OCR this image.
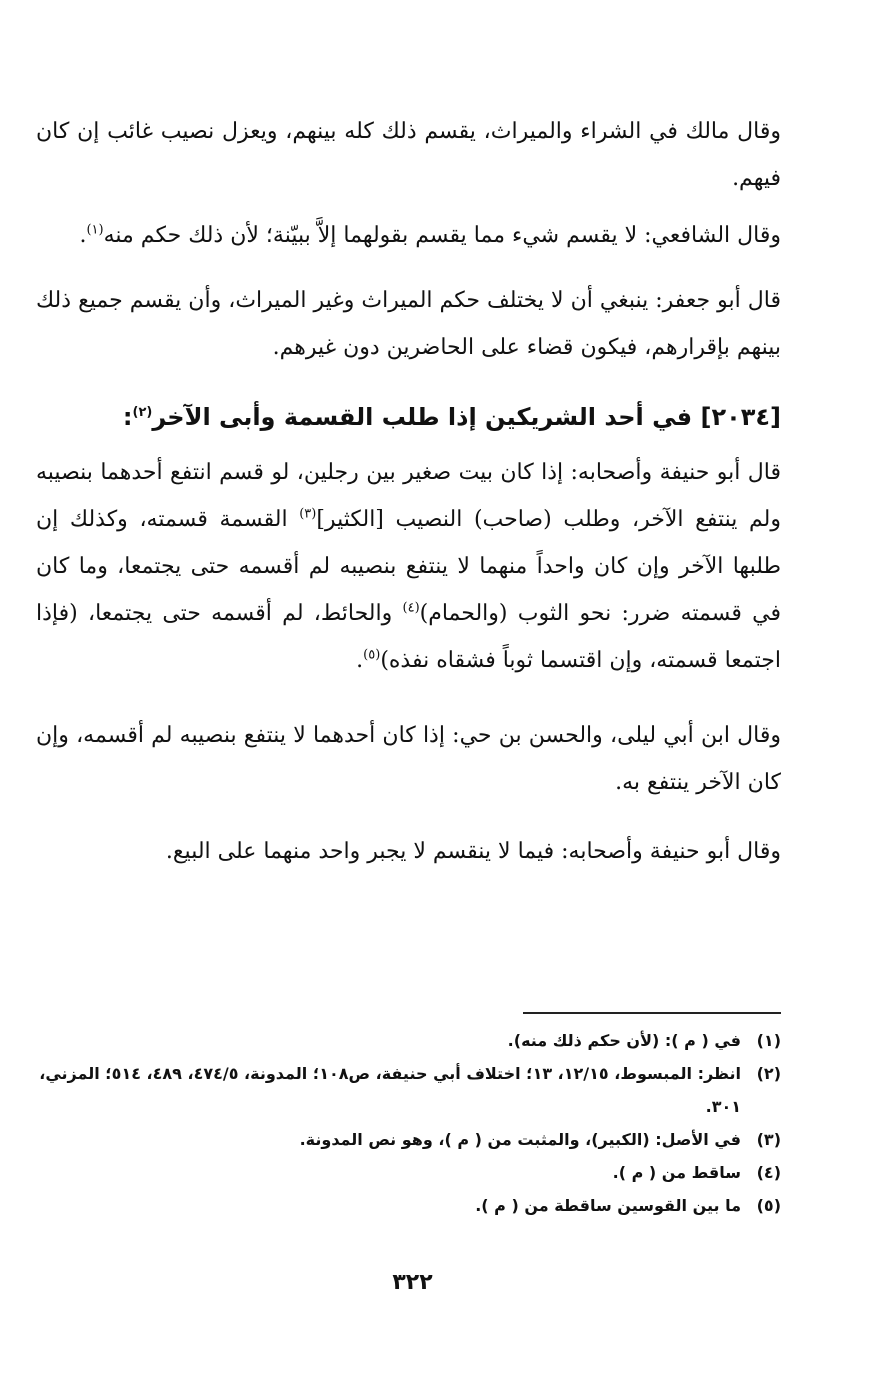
وقال مالك في الشراء والميراث، يقسم ذلك كله بينهم، ويعزل نصيب غائب إن كان فيهم.

وقال الشافعي: لا يقسم شيء مما يقسم بقولهما إلاَّ ببيّنة؛ لأن ذلك حكم منه$^{(١)}$.

قال أبو جعفر: ينبغي أن لا يختلف حكم الميراث وغير الميراث، وأن يقسم جميع ذلك بينهم بإقرارهم، فيكون قضاء على الحاضرين دون غيرهم.

[٢٠٣٤] في أحد الشريكين إذا طلب القسمة وأبى الآخر$^{(٢)}$:

قال أبو حنيفة وأصحابه: إذا كان بيت صغير بين رجلين، لو قسم انتفع أحدهما بنصيبه ولم ينتفع الآخر، وطلب (صاحب) النصيب [الكثير]$^{(٣)}$ القسمة قسمته، وكذلك إن طلبها الآخر وإن كان واحداً منهما لا ينتفع بنصيبه لم أقسمه حتى يجتمعا، وما كان في قسمته ضرر: نحو الثوب (والحمام)$^{(٤)}$ والحائط، لم أقسمه حتى يجتمعا، (فإذا اجتمعا قسمته، وإن اقتسما ثوباً فشقاه نفذه)$^{(٥)}$.

وقال ابن أبي ليلى، والحسن بن حي: إذا كان أحدهما لا ينتفع بنصيبه لم أقسمه، وإن كان الآخر ينتفع به.

وقال أبو حنيفة وأصحابه: فيما لا ينقسم لا يجبر واحد منهما على البيع.

(١)
في ( م ): (لأن حكم ذلك منه).
(٢)
انظر: المبسوط، ١٢/١٥، ١٣؛ اختلاف أبي حنيفة، ص١٠٨؛ المدونة، ٤٧٤/٥، ٤٨٩، ٥١٤؛ المزني، ٣٠١.
(٣)
في الأصل: (الكبير)، والمثبت من ( م )، وهو نص المدونة.
(٤)
ساقط من ( م ).
(٥)
ما بين القوسين ساقطة من ( م ).
٣٢٢
